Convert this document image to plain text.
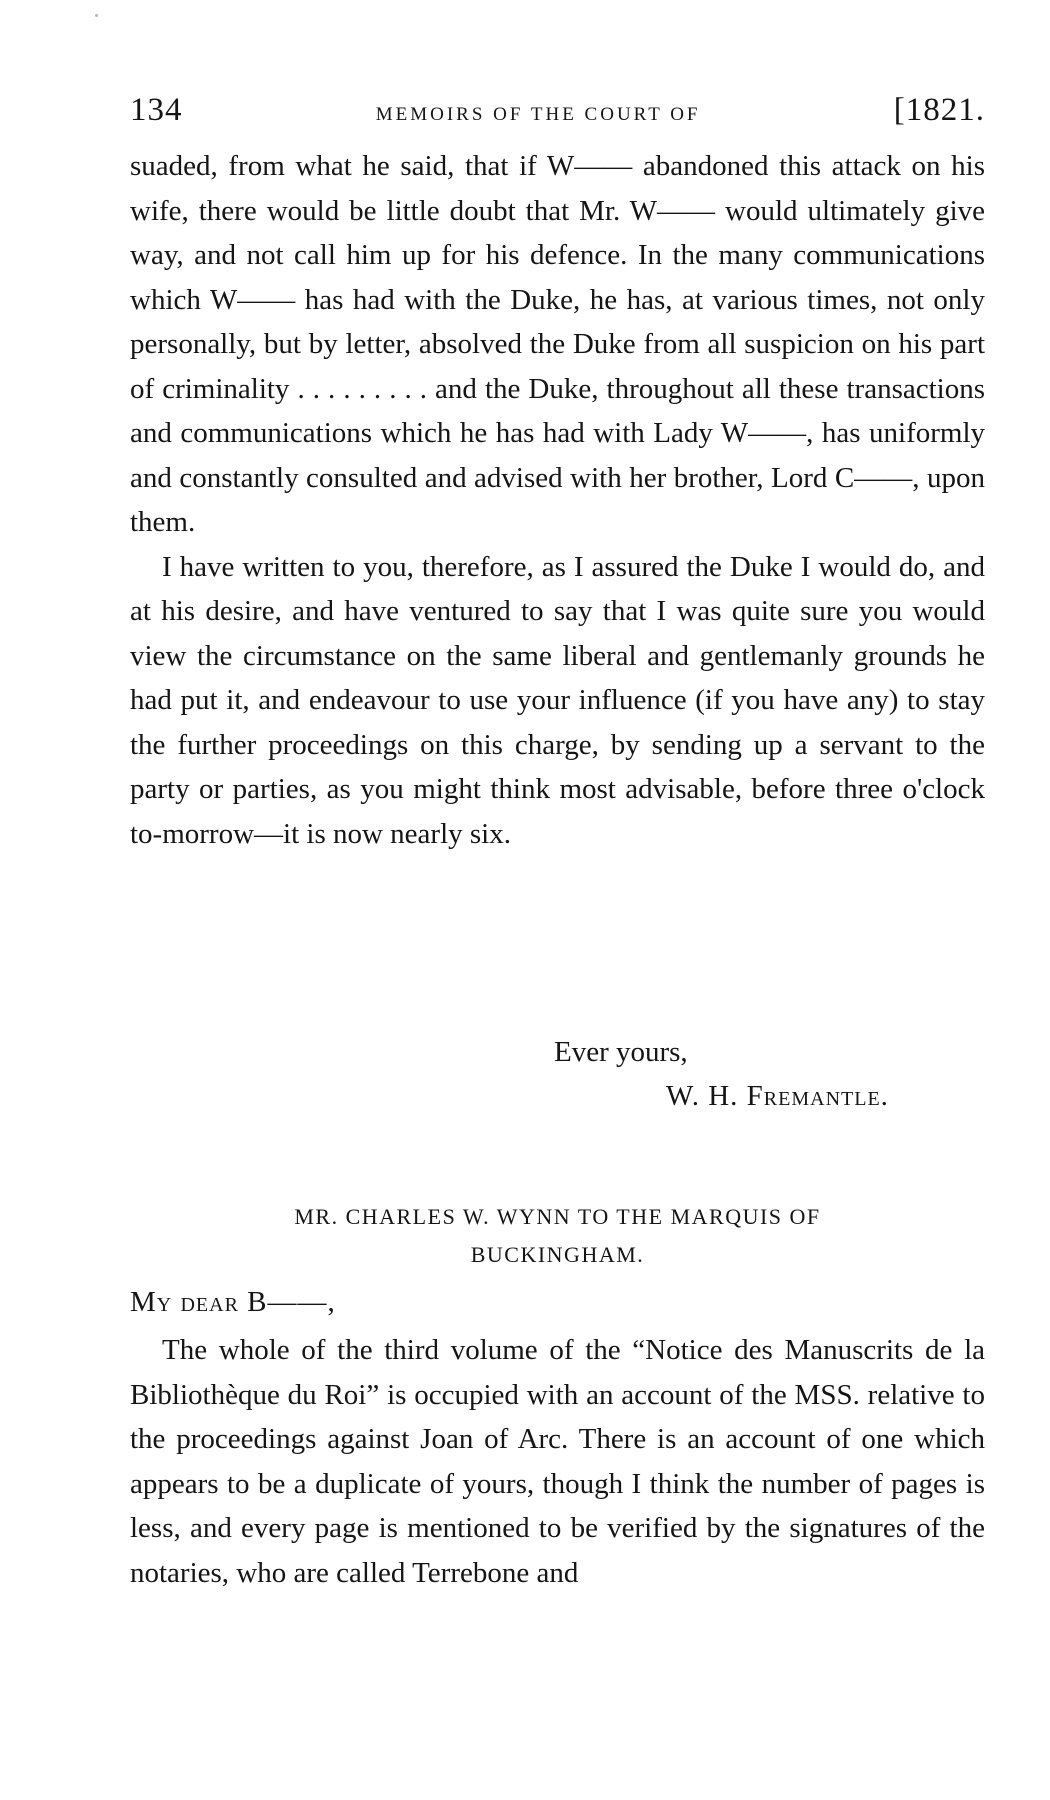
134	MEMOIRS OF THE COURT OF	[1821.

suaded, from what he said, that if W—— abandoned this attack on his wife, there would be little doubt that Mr. W—— would ultimately give way, and not call him up for his defence. In the many communications which W—— has had with the Duke, he has, at various times, not only personally, but by letter, absolved the Duke from all suspicion on his part of criminality . . . . . . . . . and the Duke, throughout all these transactions and communications which he has had with Lady W——, has uniformly and constantly consulted and advised with her brother, Lord C——, upon them.

I have written to you, therefore, as I assured the Duke I would do, and at his desire, and have ventured to say that I was quite sure you would view the circumstance on the same liberal and gentlemanly grounds he had put it, and endeavour to use your influence (if you have any) to stay the further proceedings on this charge, by sending up a servant to the party or parties, as you might think most advisable, before three o'clock to-morrow—it is now nearly six.

Ever yours,
W. H. Fremantle.
MR. CHARLES W. WYNN TO THE MARQUIS OF
BUCKINGHAM.
My dear B——,

The whole of the third volume of the “Notice des Manuscrits de la Bibliothèque du Roi” is occupied with an account of the MSS. relative to the proceedings against Joan of Arc. There is an account of one which appears to be a duplicate of yours, though I think the number of pages is less, and every page is mentioned to be verified by the signatures of the notaries, who are called Terrebone and
